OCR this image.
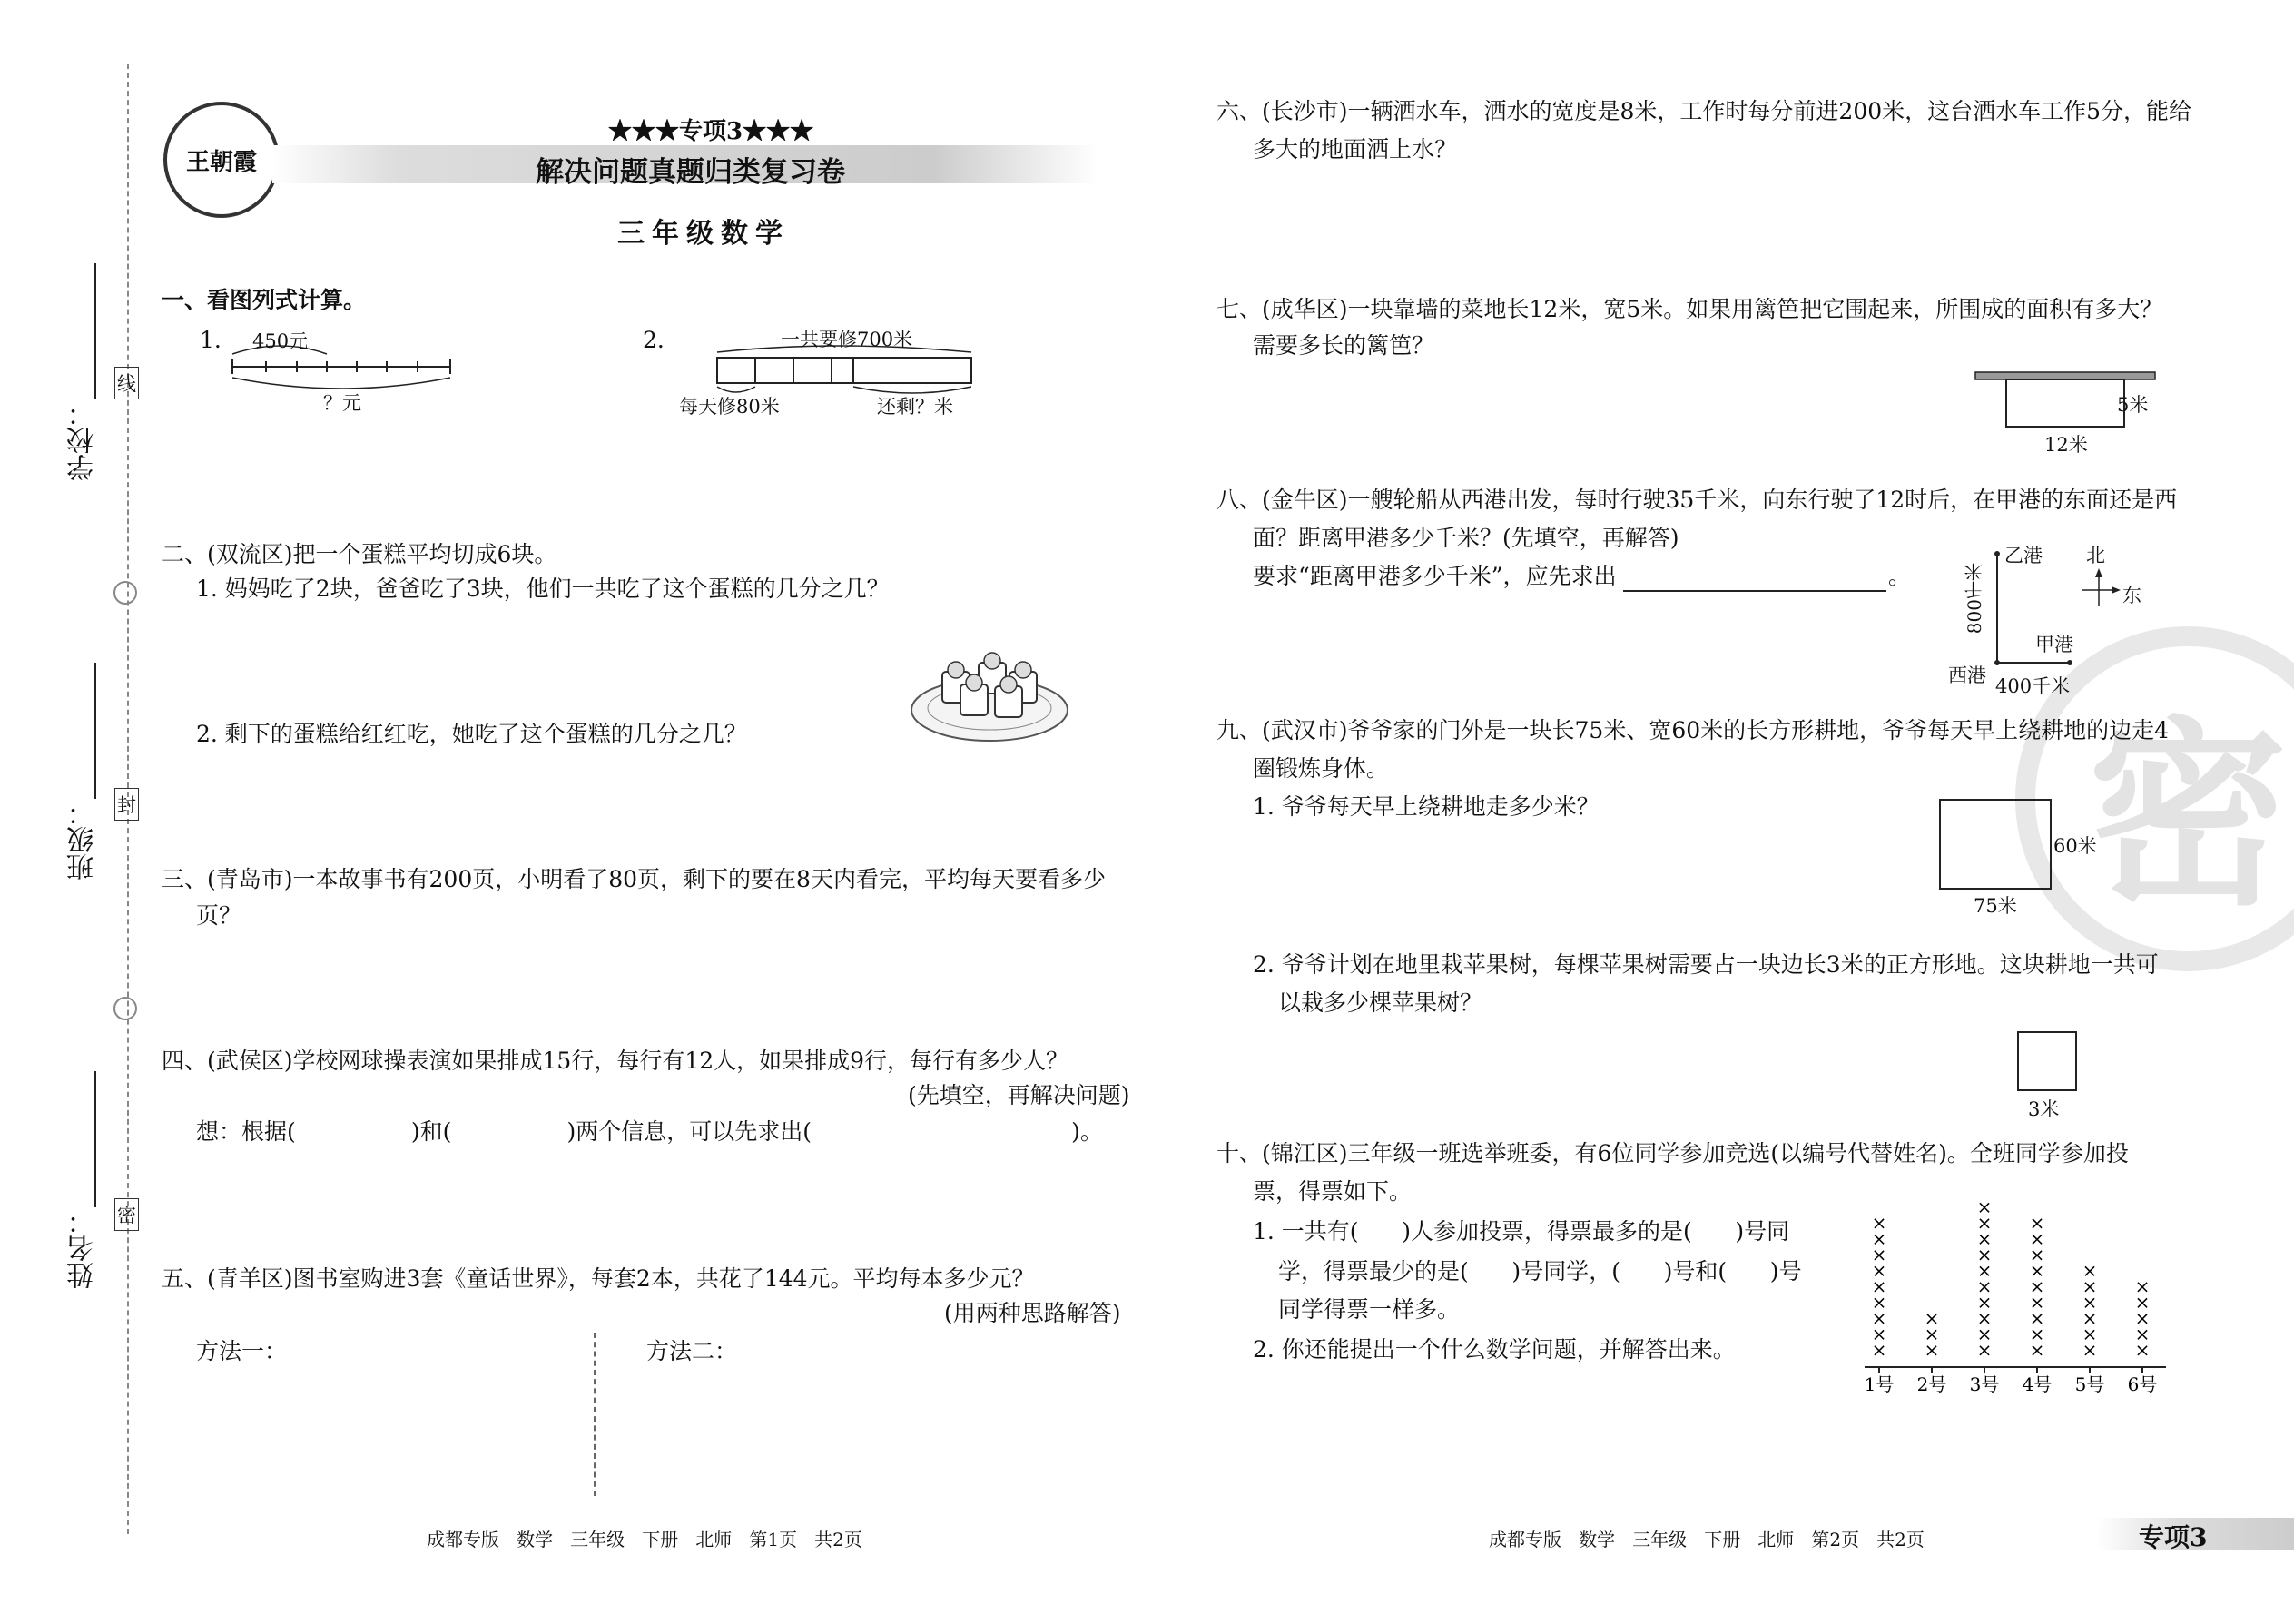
学校：
班级：
姓名：
线
封
密
王朝霞
★★★专项3★★★
解决问题真题归类复习卷
三年级数学
一、看图列式计算。
1.	2.
450元
？元
一共要修700米
每天修80米	还剩？米
二、(双流区)把一个蛋糕平均切成6块。
1. 妈妈吃了2块，爸爸吃了3块，他们一共吃了这个蛋糕的几分之几？
2. 剩下的蛋糕给红红吃，她吃了这个蛋糕的几分之几？
三、(青岛市)一本故事书有200页，小明看了80页，剩下的要在8天内看完，平均每天要看多少
页？
四、(武侯区)学校网球操表演如果排成15行，每行有12人，如果排成9行，每行有多少人？
(先填空，再解决问题)
想：根据(                )和(                )两个信息，可以先求出(                                    )。
五、(青羊区)图书室购进3套《童话世界》，每套2本，共花了144元。平均每本多少元？
(用两种思路解答)
方法一：	方法二：
成都专版   数学   三年级   下册   北师   第1页   共2页
密
六、(长沙市)一辆洒水车，洒水的宽度是8米，工作时每分前进200米，这台洒水车工作5分，能给
多大的地面洒上水？
七、(成华区)一块靠墙的菜地长12米，宽5米。如果用篱笆把它围起来，所围成的面积有多大？
需要多长的篱笆？
5米
12米
八、(金牛区)一艘轮船从西港出发，每时行驶35千米，向东行驶了12时后，在甲港的东面还是西
面？距离甲港多少千米？(先填空，再解答)
要求“距离甲港多少千米”，应先求出	。
乙港 北
东
甲港
西港 400千米
800千米
九、(武汉市)爷爷家的门外是一块长75米、宽60米的长方形耕地，爷爷每天早上绕耕地的边走4
圈锻炼身体。
1. 爷爷每天早上绕耕地走多少米？
60米
75米
2. 爷爷计划在地里栽苹果树，每棵苹果树需要占一块边长3米的正方形地。这块耕地一共可
以栽多少棵苹果树？
3米
十、(锦江区)三年级一班选举班委，有6位同学参加竞选(以编号代替姓名)。全班同学参加投
票，得票如下。
1. 一共有(      )人参加投票，得票最多的是(      )号同
学，得票最少的是(      )号同学，(      )号和(      )号
同学得票一样多。
2. 你还能提出一个什么数学问题，并解答出来。	×
×
×
×
×
×
×
×
×
1号
×
×
×
2号
×
×
×
×
×
×
×
×
×
×
3号
×
×
×
×
×
×
×
×
×
4号
×
×
×
×
×
×
5号
×
×
×
×
×
6号
成都专版   数学   三年级   下册   北师   第2页   共2页	专项3
